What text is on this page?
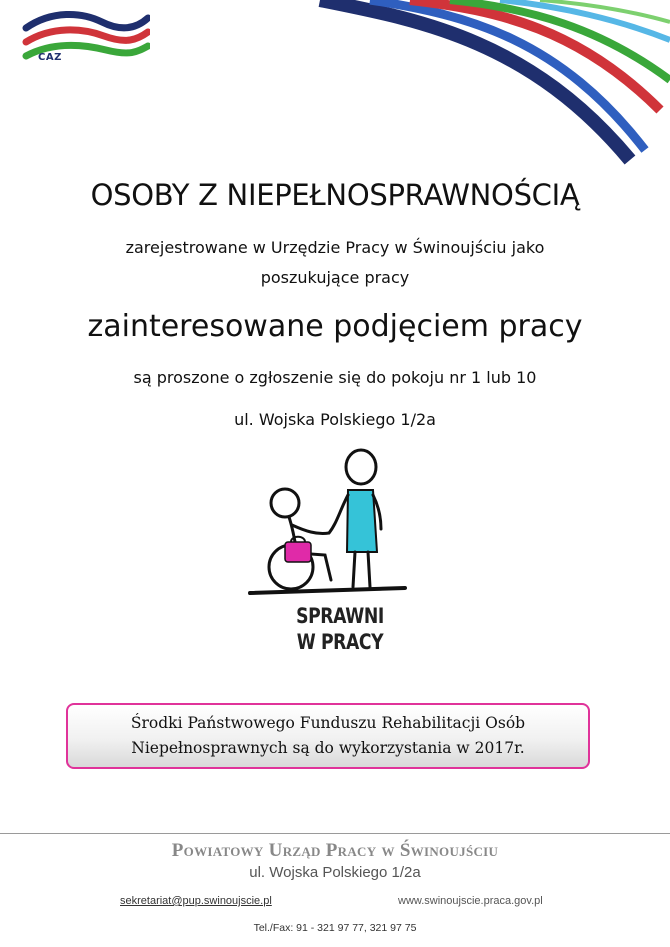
CAZ
OSOBY Z NIEPEŁNOSPRAWNOŚCIĄ
zarejestrowane w Urzędzie Pracy w Świnoujściu jako
poszukujące pracy
zainteresowane podjęciem pracy
są proszone o zgłoszenie się do pokoju nr 1 lub 10
ul. Wojska Polskiego 1/2a
SPRAWNI
W PRACY
Środki Państwowego Funduszu Rehabilitacji Osób
Niepełnosprawnych są do wykorzystania w 2017r.
Powiatowy Urząd Pracy w Świnoujściu
ul. Wojska Polskiego 1/2a
sekretariat@pup.swinoujscie.pl	www.swinoujscie.praca.gov.pl
Tel./Fax: 91 - 321 97 77, 321 97 75
